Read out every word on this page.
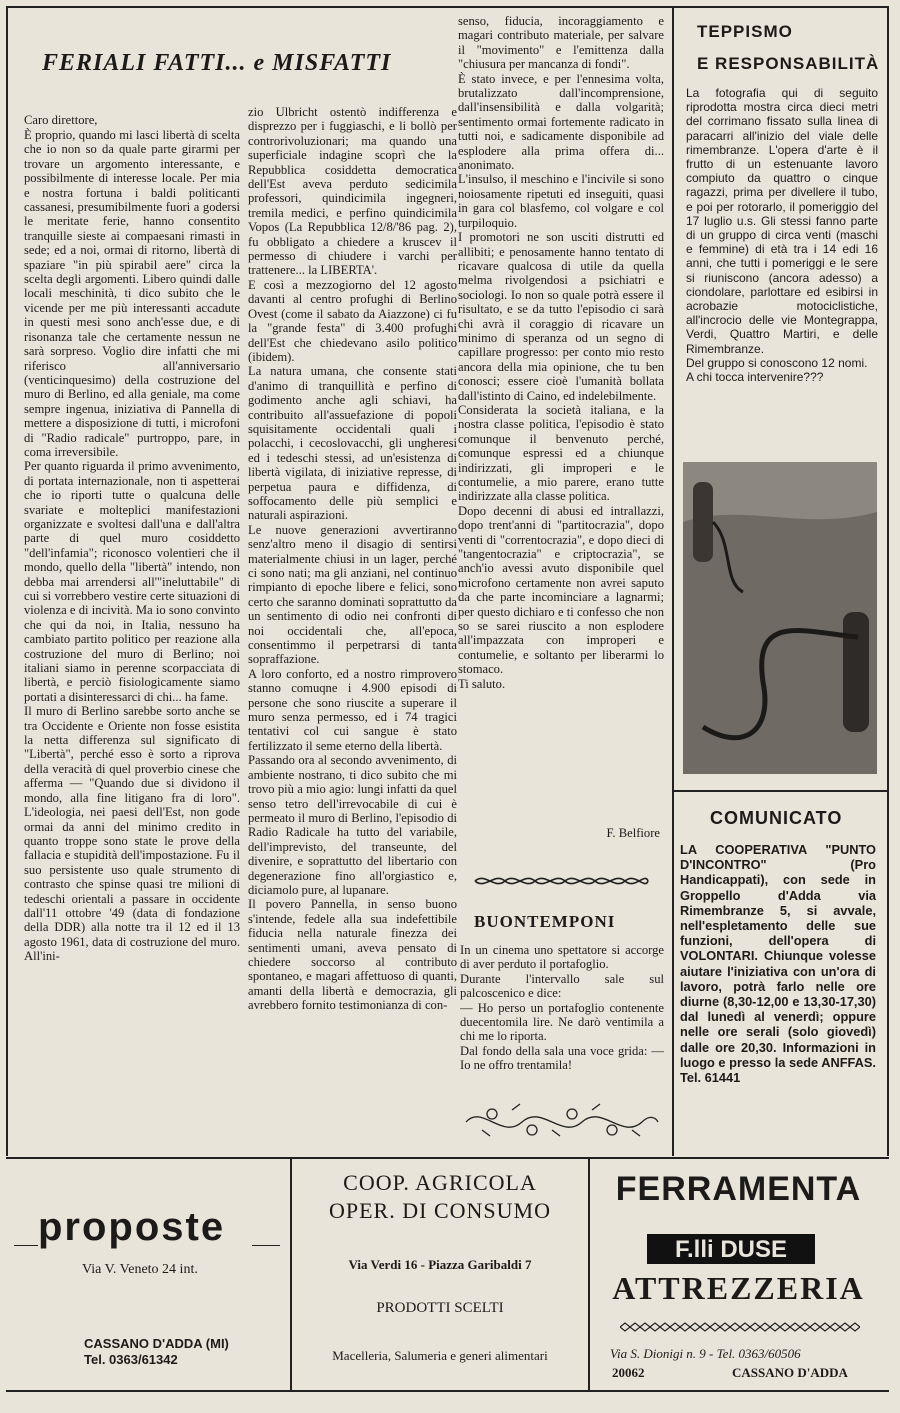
FERIALI FATTI... e MISFATTI
Caro direttore,
È proprio, quando mi lasci libertà di scelta che io non so da quale parte girarmi per trovare un argomento interessante, e possibilmente di interesse locale. Per mia e nostra fortuna i baldi politicanti cassanesi, presumibilmente fuori a godersi le meritate ferie, hanno consentito tranquille sieste ai compaesani rimasti in sede; ed a noi, ormai di ritorno, libertà di spaziare "in più spirabil aere" circa la scelta degli argomenti. Libero quindi dalle locali meschinità, ti dico subito che le vicende per me più interessanti accadute in questi mesi sono anch'esse due, e di risonanza tale che certamente nessun ne sarà sorpreso. Voglio dire infatti che mi riferisco all'anniversario (venticinquesimo) della costruzione del muro di Berlino, ed alla geniale, ma come sempre ingenua, iniziativa di Pannella di mettere a disposizione di tutti, i microfoni di "Radio radicale" purtroppo, pare, in coma irreversibile.
Per quanto riguarda il primo avvenimento, di portata internazionale, non ti aspetterai che io riporti tutte o qualcuna delle svariate e molteplici manifestazioni organizzate e svoltesi dall'una e dall'altra parte di quel muro cosiddetto "dell'infamia"; riconosco volentieri che il mondo, quello della "libertà" intendo, non debba mai arrendersi all'"ineluttabile" di cui si vorrebbero vestire certe situazioni di violenza e di incività. Ma io sono convinto che qui da noi, in Italia, nessuno ha cambiato partito politico per reazione alla costruzione del muro di Berlino; noi italiani siamo in perenne scorpacciata di libertà, e perciò fisiologicamente siamo portati a disinteressarci di chi... ha fame.
Il muro di Berlino sarebbe sorto anche se tra Occidente e Oriente non fosse esistita la netta differenza sul significato di "Libertà", perché esso è sorto a riprova della veracità di quel proverbio cinese che afferma — "Quando due si dividono il mondo, alla fine litigano fra di loro". L'ideologia, nei paesi dell'Est, non gode ormai da anni del minimo credito in quanto troppe sono state le prove della fallacia e stupidità dell'impostazione. Fu il suo persistente uso quale strumento di contrasto che spinse quasi tre milioni di tedeschi orientali a passare in occidente dall'11 ottobre '49 (data di fondazione della DDR) alla notte tra il 12 ed il 13 agosto 1961, data di costruzione del muro. All'ini-
zio Ulbricht ostentò indifferenza e disprezzo per i fuggiaschi, e li bollò per controrivoluzionari; ma quando una superficiale indagine scoprì che la Repubblica cosiddetta democratica dell'Est aveva perduto sedicimila professori, quindicimila ingegneri, tremila medici, e perfino quindicimila Vopos (La Repubblica 12/8/'86 pag. 2), fu obbligato a chiedere a kruscev il permesso di chiudere i varchi per trattenere... la LIBERTA'.
E così a mezzogiorno del 12 agosto davanti al centro profughi di Berlino Ovest (come il sabato da Aiazzone) ci fu la "grande festa" di 3.400 profughi dell'Est che chiedevano asilo politico (ibidem).
La natura umana, che consente stati d'animo di tranquillità e perfino di godimento anche agli schiavi, ha contribuito all'assuefazione di popoli squisitamente occidentali quali i polacchi, i cecoslovacchi, gli ungheresi ed i tedeschi stessi, ad un'esistenza di libertà vigilata, di iniziative represse, di perpetua paura e diffidenza, di soffocamento delle più semplici e naturali aspirazioni.
Le nuove generazioni avvertiranno senz'altro meno il disagio di sentirsi materialmente chiusi in un lager, perché ci sono nati; ma gli anziani, nel continuo rimpianto di epoche libere e felici, sono certo che saranno dominati soprattutto da un sentimento di odio nei confronti di noi occidentali che, all'epoca, consentimmo il perpetrarsi di tanta sopraffazione.
A loro conforto, ed a nostro rimprovero stanno comuqne i 4.900 episodi di persone che sono riuscite a superare il muro senza permesso, ed i 74 tragici tentativi col cui sangue è stato fertilizzato il seme eterno della libertà.
Passando ora al secondo avvenimento, di ambiente nostrano, ti dico subito che mi trovo più a mio agio: lungi infatti da quel senso tetro dell'irrevocabile di cui è permeato il muro di Berlino, l'episodio di Radio Radicale ha tutto del variabile, dell'imprevisto, del transeunte, del divenire, e soprattutto del libertario con degenerazione fino all'orgiastico e, diciamolo pure, al lupanare.
Il povero Pannella, in senso buono s'intende, fedele alla sua indefettibile fiducia nella naturale finezza dei sentimenti umani, aveva pensato di chiedere soccorso al contributo spontaneo, e magari affettuoso di quanti, amanti della libertà e democrazia, gli avrebbero fornito testimonianza di con-
senso, fiducia, incoraggiamento e magari contributo materiale, per salvare il "movimento" e l'emittenza dalla "chiusura per mancanza di fondi".
È stato invece, e per l'ennesima volta, brutalizzato dall'incomprensione, dall'insensibilità e dalla volgarità; sentimento ormai fortemente radicato in tutti noi, e sadicamente disponibile ad esplodere alla prima offera di... anonimato.
L'insulso, il meschino e l'incivile si sono noiosamente ripetuti ed inseguiti, quasi in gara col blasfemo, col volgare e col turpiloquio.
I promotori ne son usciti distrutti ed allibiti; e penosamente hanno tentato di ricavare qualcosa di utile da quella melma rivolgendosi a psichiatri e sociologi. Io non so quale potrà essere il risultato, e se da tutto l'episodio ci sarà chi avrà il coraggio di ricavare un minimo di speranza od un segno di capillare progresso: per conto mio resto ancora della mia opinione, che tu ben conosci; essere cioè l'umanità bollata dall'istinto di Caino, ed indelebilmente.
Considerata la società italiana, e la nostra classe politica, l'episodio è stato comunque il benvenuto perché, comunque espressi ed a chiunque indirizzati, gli improperi e le contumelie, a mio parere, erano tutte indirizzate alla classe politica.
Dopo decenni di abusi ed intrallazzi, dopo trent'anni di "partitocrazia", dopo venti di "correntocrazia", e dopo dieci di "tangentocrazia" e criptocrazia", se anch'io avessi avuto disponibile quel microfono certamente non avrei saputo da che parte incominciare a lagnarmi; per questo dichiaro e ti confesso che non so se sarei riuscito a non esplodere all'impazzata con improperi e contumelie, e soltanto per liberarmi lo stomaco.
Ti saluto.
F. Belfiore
BUONTEMPONI
In un cinema uno spettatore si accorge di aver perduto il portafoglio.
Durante l'intervallo sale sul palcoscenico e dice:
— Ho perso un portafoglio contenente duecentomila lire. Ne darò ventimila a chi me lo riporta.
Dal fondo della sala una voce grida: — Io ne offro trentamila!
TEPPISMO
E RESPONSABILITÀ
La fotografia qui di seguito riprodotta mostra circa dieci metri del corrimano fissato sulla linea di paracarri all'inizio del viale delle rimembranze. L'opera d'arte è il frutto di un estenuante lavoro compiuto da quattro o cinque ragazzi, prima per divellere il tubo, e poi per rotorarlo, il pomeriggio del 17 luglio u.s. Gli stessi fanno parte di un gruppo di circa venti (maschi e femmine) di età tra i 14 edi 16 anni, che tutti i pomeriggi e le sere si riuniscono (ancora adesso) a ciondolare, parlottare ed esibirsi in acrobazie motociclistiche, all'incrocio delle vie Montegrappa, Verdi, Quattro Martiri, e delle Rimembranze.
Del gruppo si conoscono 12 nomi.
A chi tocca intervenire???
COMUNICATO
LA COOPERATIVA "PUNTO D'INCONTRO" (Pro Handicappati), con sede in Groppello d'Adda via Rimembranze 5, si avvale, nell'espletamento delle sue funzioni, dell'opera di VOLONTARI. Chiunque volesse aiutare l'iniziativa con un'ora di lavoro, potrà farlo nelle ore diurne (8,30-12,00 e 13,30-17,30) dal lunedì al venerdì; oppure nelle ore serali (solo giovedì) dalle ore 20,30. Informazioni in luogo e presso la sede ANFFAS. Tel. 61441
proposte
Via V. Veneto 24 int.
CASSANO D'ADDA (MI)
Tel. 0363/61342
COOP. AGRICOLA
OPER. DI CONSUMO
Via Verdi 16 - Piazza Garibaldi 7
PRODOTTI SCELTI
Macelleria, Salumeria e generi alimentari
FERRAMENTA
F.lli DUSE
ATTREZZERIA
Via S. Dionigi n. 9 - Tel. 0363/60506
20062	CASSANO D'ADDA
